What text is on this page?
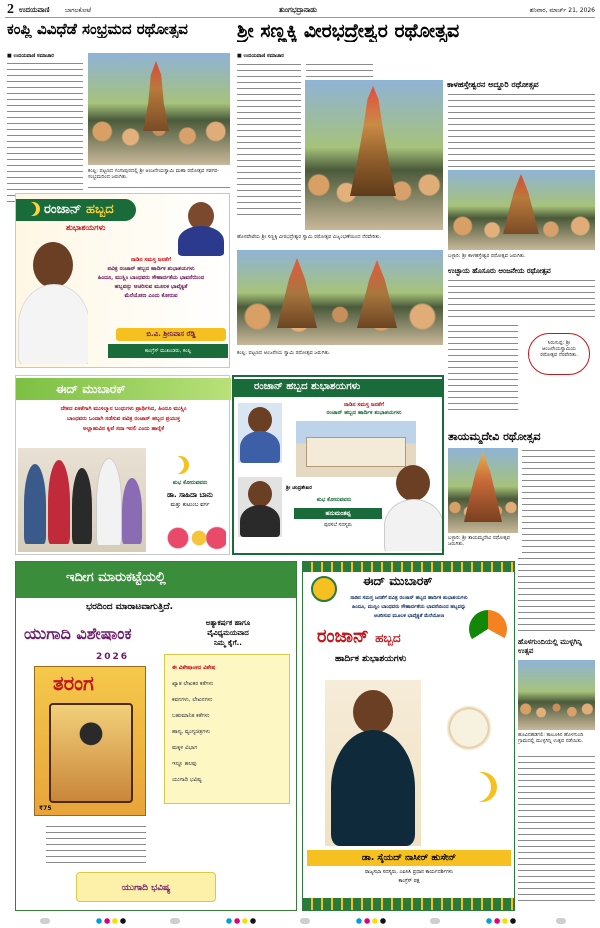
2 ಉದಯವಾಣಿ	ಬಾಗಲಕೋಟೆ	ತುಂಗಭದ್ರಾನಾಡು	ಶನಿವಾರ, ಮಾರ್ಚ್ 21, 2026
ಕಂಪ್ಲಿ ವಿವಿಧೆಡೆ ಸಂಭ್ರಮದ ರಥೋತ್ಸವ
■ ಉದಯವಾಣಿ ಸಮಾಚಾರ
ಕಂಪ್ಲಿ: ಪಟ್ಟಣದ ಗಂಗಾಪುರದಲ್ಲಿ ಶ್ರೀ ಆಂಜನೇಯಸ್ವಾಮಿ ಮಹಾ ರಥೋತ್ಸವ ಸಡಗರ-ಸಂಭ್ರಮದಿಂದ ಜರುಗಿತು.
ಶ್ರೀ ಸಣ್ಣಕ್ಕಿ ವೀರಭದ್ರೇಶ್ವರ ರಥೋತ್ಸವ
■ ಉದಯವಾಣಿ ಸಮಾಚಾರ
ಹೊಸಪೇಟೆಯ ಶ್ರೀ ಸಣ್ಣಕ್ಕಿ ವೀರಭದ್ರೇಶ್ವರ ಸ್ವಾಮಿ ರಥೋತ್ಸವ ವಿಜೃಂಭಣೆಯಿಂದ ನೆರವೇರಿತು.
ಕಂಪ್ಲಿ: ಪಟ್ಟಣದ ಆಂಜನೇಯ ಸ್ವಾಮಿ ರಥೋತ್ಸವ ಜರುಗಿತು.
ಕಾಳಹಸ್ತೇಶ್ವರನ ಅದ್ಧೂರಿ ರಥೋತ್ಸವ
ಬಳ್ಳಾರಿ: ಶ್ರೀ ಕಾಳಹಸ್ತೇಶ್ವರ ರಥೋತ್ಸವ ಜರುಗಿತು.
ಉಚ್ಛಾಯ ಹೊಸೂರು ಆಂಜನೇಯ ರಥೋತ್ಸವ
ಸಿರುಗುಪ್ಪ: ಶ್ರೀ ಆಂಜನೇಯಸ್ವಾಮಿಯ ರಥೋತ್ಸವ ನೆರವೇರಿತು.
ತಾಯಮ್ಮದೇವಿ ರಥೋತ್ಸವ
ಬಳ್ಳಾರಿ: ಶ್ರೀ ತಾಯಮ್ಮದೇವಿ ರಥೋತ್ಸವ ಜರುಗಿತು.
ಹೊಳಗುಂದಿಯಲ್ಲಿ ಮುಳ್ಳಗಿನ್ನಿ ಉತ್ಸವ
ಹೂವಿನಹಡಗಲಿ: ತಾಲೂಕಿನ ಹೊಳಗುಂದಿ ಗ್ರಾಮದಲ್ಲಿ ಮುಳ್ಳಗಿನ್ನಿ ಉತ್ಸವ ನಡೆಯಿತು.
ರಂಜಾನ್ ಹಬ್ಬದ
ಶುಭಾಶಯಗಳು
ನಾಡಿನ ಸಮಸ್ತ ಜನತೆಗೆ
ಪವಿತ್ರ ರಂಜಾನ್ ಹಬ್ಬದ ಹಾರ್ದಿಕ ಶುಭಾಶಯಗಳು
ಹಿಂದೂ, ಮುಸ್ಲಿಂ ಬಾಂಧವರು ಸೌಹಾರ್ದತೆಯ ಭಾವನೆಯಿಂದ
ಹಬ್ಬವನ್ನು ಆಚರಿಸುವ ಮೂಲಕ ಭಾವೈಕ್ಯತೆ
ಮೆರೆಯೋಣ ಎಂದು ಕೋರುವ
ಬಿ.ವಿ. ಶ್ರೀನಿವಾಸ ರೆಡ್ಡಿ
ಕಾಂಗ್ರೆಸ್ ಮುಖಂಡರು, ಕಂಪ್ಲಿ
ಈದ್ ಮುಬಾರಕ್
ದೇಶದ ಏಕತೆಗಾಗಿ ಮುಸಲ್ಮಾನ ಬಂಧುಗಳು ಪ್ರಾರ್ಥಿಸಿದ, ಹಿಂದೂ ಮುಸ್ಲಿಂ
ಬಾಂಧವರು ಒಂದಾಗಿ ನಡೆಸುವ ಪವಿತ್ರ ರಂಜಾನ್ ಹಬ್ಬದ ಪ್ರಯುಕ್ತ
ಅಲ್ಲಾಹುವಿನ ಕೃಪೆ ಸದಾ ಇರಲಿ ಎಂದು ಹಾರೈಕೆ
ಶುಭ ಕೋರುವವರು
ಡಾ. ಸಾಹಿದಾ ಬಾನು
ಮತ್ತು ಕುಟುಂಬ ವರ್ಗ
ರಂಜಾನ್ ಹಬ್ಬದ ಶುಭಾಶಯಗಳು
ನಾಡಿನ ಸಮಸ್ತ ಜನತೆಗೆ
ರಂಜಾನ್ ಹಬ್ಬದ ಹಾರ್ದಿಕ ಶುಭಾಶಯಗಳು
ಶ್ರೀ ಚಂದ್ರಶೇಖರ
ಶುಭ ಕೋರುವವರು
ಹನುಮಂತಪ್ಪ
ಪುರಸಭೆ ಸದಸ್ಯರು
ಇದೀಗ ಮಾರುಕಟ್ಟೆಯಲ್ಲಿ
ಭರದಿಂದ ಮಾರಾಟವಾಗುತ್ತಿದೆ.
ಯುಗಾದಿ ವಿಶೇಷಾಂಕ
2026
ತರಂಗ
₹75
ಅತ್ಯಾಕರ್ಷಕ ಹಾಗೂ
ವೈವಿಧ್ಯಮಯವಾದ
ನಿಮ್ಮ ಕೈಗೆ..
ಈ ವಿಶೇಷಾಂಕದ ವಿಶೇಷ
ಖ್ಯಾತ ಲೇಖಕರ ಕತೆಗಳು
ಕವನಗಳು, ಲೇಖನಗಳು
ಬಹುಮಾನಿತ ಕತೆಗಳು
ಹಾಸ್ಯ, ವ್ಯಂಗ್ಯಚಿತ್ರಗಳು
ಮಕ್ಕಳ ವಿಭಾಗ
ಇನ್ನೂ ಹಲವು
ಯುಗಾದಿ ಭವಿಷ್ಯ
ಯುಗಾದಿ ಭವಿಷ್ಯ
ಈದ್ ಮುಬಾರಕ್
ನಾಡಿನ ಸಮಸ್ತ ಜನತೆಗೆ ಪವಿತ್ರ ರಂಜಾನ್ ಹಬ್ಬದ ಹಾರ್ದಿಕ ಶುಭಾಶಯಗಳು
ಹಿಂದೂ, ಮುಸ್ಲಿಂ ಬಾಂಧವರು ಸೌಹಾರ್ದತೆಯ ಭಾವನೆಯಿಂದ ಹಬ್ಬವನ್ನು
ಆಚರಿಸುವ ಮೂಲಕ ಭಾವೈಕ್ಯತೆ ಮೆರೆಯೋಣ
ರಂಜಾನ್ ಹಬ್ಬದ
ಹಾರ್ದಿಕ ಶುಭಾಶಯಗಳು
ಡಾ. ಸೈಯದ್ ನಾಸೀರ್ ಹುಸೇನ್
ರಾಜ್ಯಸಭಾ ಸದಸ್ಯರು, ಎಐಸಿಸಿ ಪ್ರಧಾನ ಕಾರ್ಯದರ್ಶಿಗಳು
ಕಾಂಗ್ರೆಸ್ ಪಕ್ಷ
